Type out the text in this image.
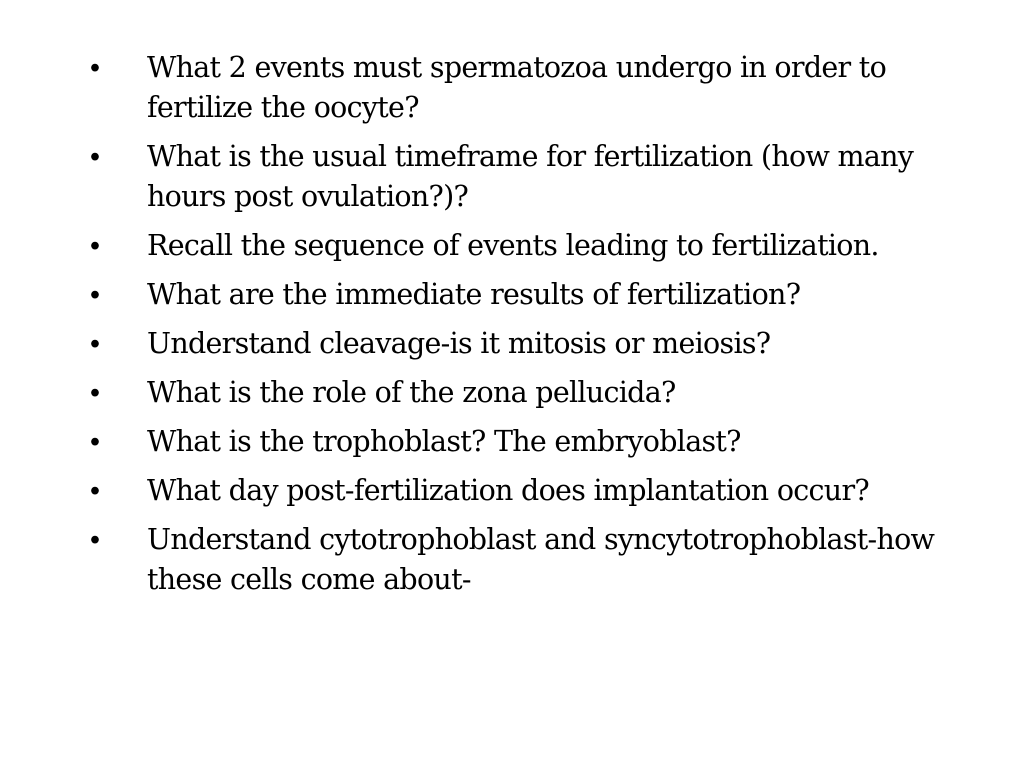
•	What 2 events must spermatozoa undergo in order to fertilize the oocyte?
•	What is the usual timeframe for fertilization (how many hours post ovulation?)?
•	Recall the sequence of events leading to fertilization.
•	What are the immediate results of fertilization?
•	Understand cleavage-is it mitosis or meiosis?
•	What is the role of the zona pellucida?
•	What is the trophoblast? The embryoblast?
•	What day post-fertilization does implantation occur?
•	Understand cytotrophoblast and syncytotrophoblast-how these cells come about-
